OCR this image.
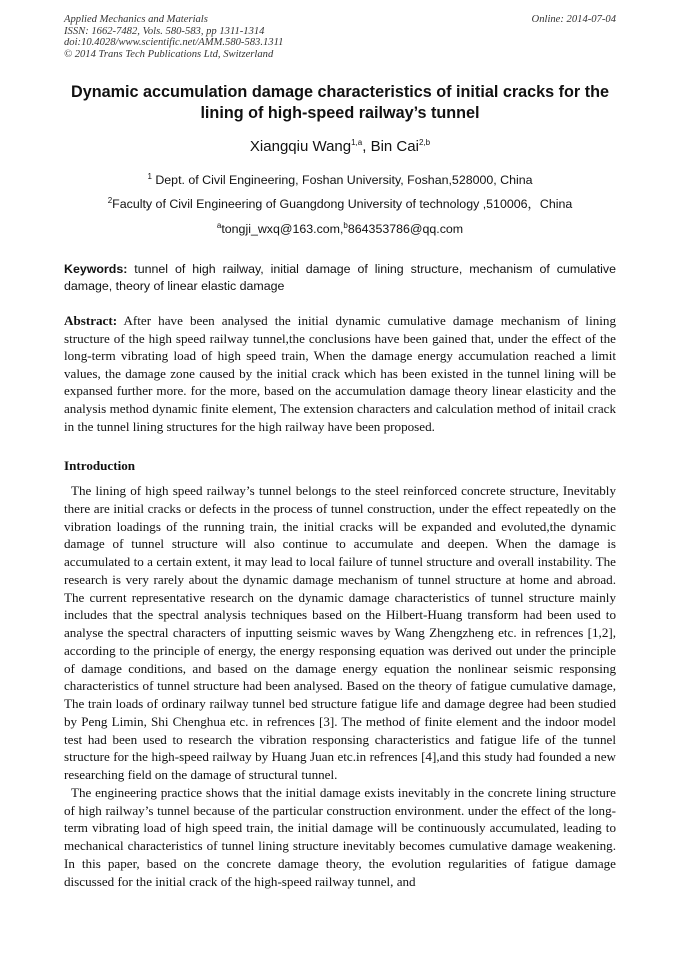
Applied Mechanics and Materials
ISSN: 1662-7482, Vols. 580-583, pp 1311-1314
doi:10.4028/www.scientific.net/AMM.580-583.1311
© 2014 Trans Tech Publications Ltd, Switzerland
Online: 2014-07-04
Dynamic accumulation damage characteristics of initial cracks for the lining of high-speed railway’s tunnel
Xiangqiu Wang$^{1,a}$, Bin Cai$^{2,b}$
$^1$ Dept. of Civil Engineering, Foshan University, Foshan,528000, China
$^2$Faculty of Civil Engineering of Guangdong University of technology ,510006，China
$^a$tongji_wxq@163.com,$^b$864353786@qq.com
Keywords: tunnel of high railway, initial damage of lining structure, mechanism of cumulative damage, theory of linear elastic damage
Abstract: After have been analysed the initial dynamic cumulative damage mechanism of lining structure of the high speed railway tunnel,the conclusions have been gained that, under the effect of the long-term vibrating load of high speed train, When the damage energy accumulation reached a limit values, the damage zone caused by the initial crack which has been existed in the tunnel lining will be expansed further more. for the more, based on the accumulation damage theory linear elasticity and the analysis method dynamic finite element, The extension characters and calculation method of initail crack in the tunnel lining structures for the high railway have been proposed.
Introduction

The lining of high speed railway’s tunnel belongs to the steel reinforced concrete structure, Inevitably there are initial cracks or defects in the process of tunnel construction, under the effect repeatedly on the vibration loadings of the running train, the initial cracks will be expanded and evoluted,the dynamic damage of tunnel structure will also continue to accumulate and deepen. When the damage is accumulated to a certain extent, it may lead to local failure of tunnel structure and overall instability. The research is very rarely about the dynamic damage mechanism of tunnel structure at home and abroad. The current representative research on the dynamic damage characteristics of tunnel structure mainly includes that the spectral analysis techniques based on the Hilbert-Huang transform had been used to analyse the spectral characters of inputting seismic waves by Wang Zhengzheng etc. in refrences [1,2], according to the principle of energy, the energy responsing equation was derived out under the principle of damage conditions, and based on the damage energy equation the nonlinear seismic responsing characteristics of tunnel structure had been analysed. Based on the theory of fatigue cumulative damage, The train loads of ordinary railway tunnel bed structure fatigue life and damage degree had been studied by Peng Limin, Shi Chenghua etc. in refrences [3]. The method of finite element and the indoor model test had been used to research the vibration responsing characteristics and fatigue life of the tunnel structure for the high-speed railway by Huang Juan etc.in refrences [4],and this study had founded a new researching field on the damage of structural tunnel.

The engineering practice shows that the initial damage exists inevitably in the concrete lining structure of high railway’s tunnel because of the particular construction environment. under the effect of the long-term vibrating load of high speed train, the initial damage will be continuously accumulated, leading to mechanical characteristics of tunnel lining structure inevitably becomes cumulative damage weakening. In this paper, based on the concrete damage theory, the evolution regularities of fatigue damage discussed for the initial crack of the high-speed railway tunnel, and
